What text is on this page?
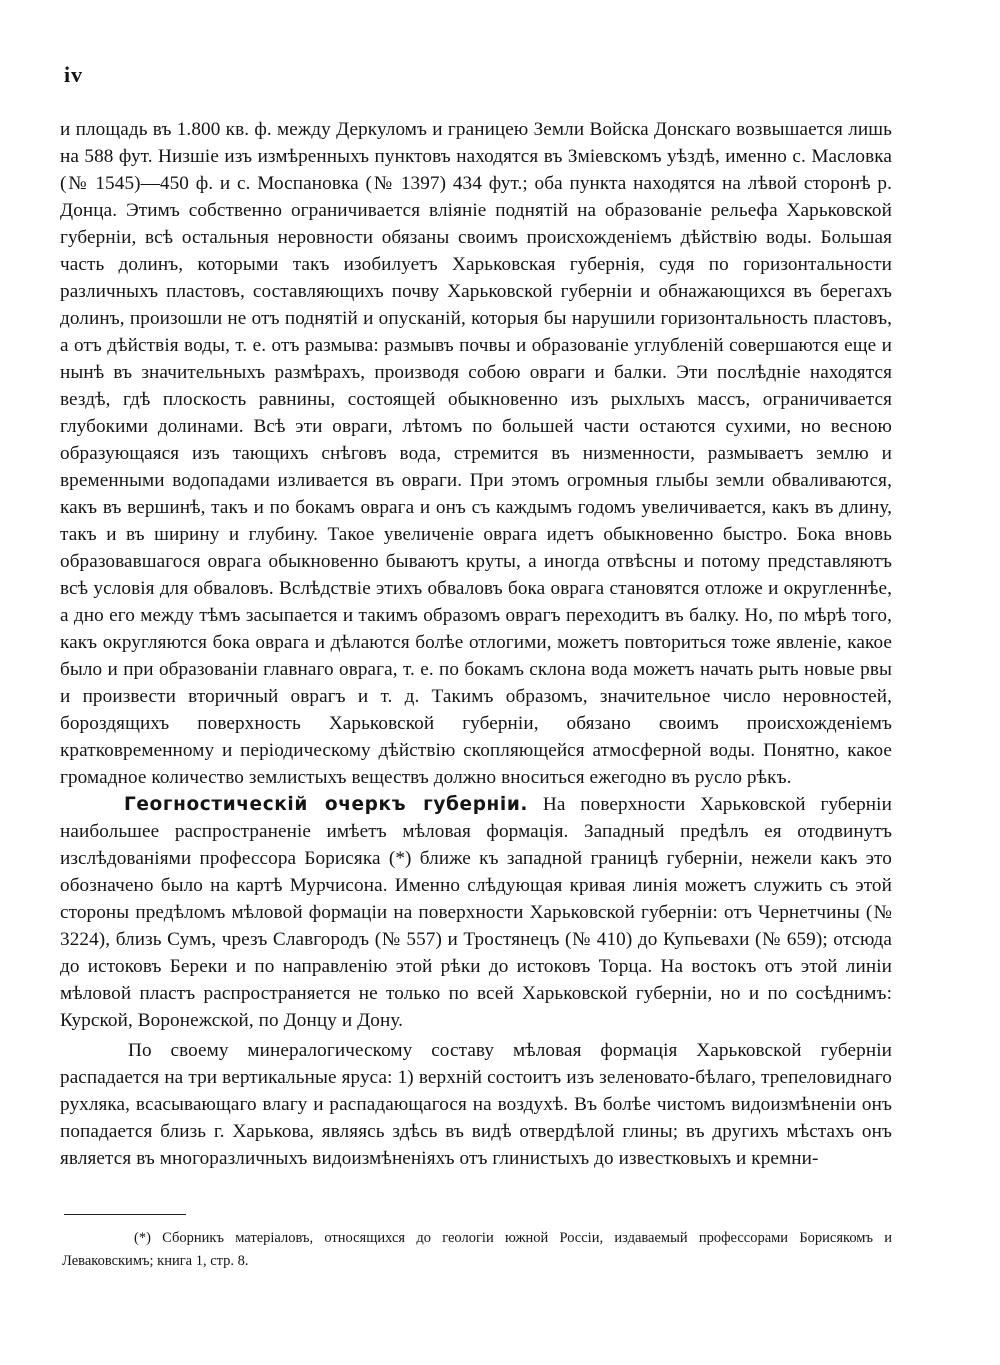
iv

и площадь въ 1.800 кв. ф. между Деркуломъ и границею Земли Войска Донскаго возвышается лишь на 588 фут. Низшіе изъ измѣренныхъ пунктовъ находятся въ Зміевскомъ уѣздѣ, именно с. Масловка (№ 1545)—450 ф. и с. Моспановка (№ 1397) 434 фут.; оба пункта находятся на лѣвой сторонѣ р. Донца. Этимъ собственно ограничивается вліяніе поднятій на образованіе рельефа Харьковской губерніи, всѣ остальныя неровности обязаны своимъ происхожденіемъ дѣйствію воды. Большая часть долинъ, которыми такъ изобилуетъ Харьковская губернія, судя по горизонтальности различныхъ пластовъ, составляющихъ почву Харьковской губерніи и обнажающихся въ берегахъ долинъ, произошли не отъ поднятій и опусканій, которыя бы нарушили горизонтальность пластовъ, а отъ дѣйствія воды, т. е. отъ размыва: размывъ почвы и образованіе углубленій совершаются еще и нынѣ въ значительныхъ размѣрахъ, производя собою овраги и балки. Эти послѣдніе находятся вездѣ, гдѣ плоскость равнины, состоящей обыкновенно изъ рыхлыхъ массъ, ограничивается глубокими долинами. Всѣ эти овраги, лѣтомъ по большей части остаются сухими, но весною образующаяся изъ тающихъ снѣговъ вода, стремится въ низменности, размываетъ землю и временными водопадами изливается въ овраги. При этомъ огромныя глыбы земли обваливаются, какъ въ вершинѣ, такъ и по бокамъ оврага и онъ съ каждымъ годомъ увеличивается, какъ въ длину, такъ и въ ширину и глубину. Такое увеличеніе оврага идетъ обыкновенно быстро. Бока вновь образовавшагося оврага обыкновенно бываютъ круты, а иногда отвѣсны и потому представляютъ всѣ условія для обваловъ. Вслѣдствіе этихъ обваловъ бока оврага становятся отложе и округленнѣе, а дно его между тѣмъ засыпается и такимъ образомъ оврагъ переходитъ въ балку. Но, по мѣрѣ того, какъ округляются бока оврага и дѣлаются болѣе отлогими, можетъ повториться тоже явленіе, какое было и при образованіи главнаго оврага, т. е. по бокамъ склона вода можетъ начать рыть новые рвы и произвести вторичный оврагъ и т. д. Такимъ образомъ, значительное число неровностей, бороздящихъ поверхность Харьковской губерніи, обязано своимъ происхожденіемъ кратковременному и періодическому дѣйствію скопляющейся атмосферной воды. Понятно, какое громадное количество землистыхъ веществъ должно вноситься ежегодно въ русло рѣкъ.

Геогностическій очеркъ губерніи. На поверхности Харьковской губерніи наибольшее распространеніе имѣетъ мѣловая формація. Западный предѣлъ ея отодвинутъ изслѣдованіями профессора Борисяка (*) ближе къ западной границѣ губерніи, нежели какъ это обозначено было на картѣ Мурчисона. Именно слѣдующая кривая линія можетъ служить съ этой стороны предѣломъ мѣловой формаціи на поверхности Харьковской губерніи: отъ Чернетчины (№ 3224), близь Сумъ, чрезъ Славгородъ (№ 557) и Тростянецъ (№ 410) до Купьевахи (№ 659); отсюда до истоковъ Береки и по направленію этой рѣки до истоковъ Торца. На востокъ отъ этой линіи мѣловой пластъ распространяется не только по всей Харьковской губерніи, но и по сосѣднимъ: Курской, Воронежской, по Донцу и Дону.

По своему минералогическому составу мѣловая формація Харьковской губерніи распадается на три вертикальные яруса: 1) верхній состоитъ изъ зеленовато-бѣлаго, трепеловиднаго рухляка, всасывающаго влагу и распадающагося на воздухѣ. Въ болѣе чистомъ видоизмѣненіи онъ попадается близь г. Харькова, являясь здѣсь въ видѣ отвердѣлой глины; въ другихъ мѣстахъ онъ является въ многоразличныхъ видоизмѣненіяхъ отъ глинистыхъ до известковыхъ и кремни-

(*) Сборникъ матеріаловъ, относящихся до геологіи южной Россіи, издаваемый профессорами Борисякомъ и Леваковскимъ; книга 1, стр. 8.
